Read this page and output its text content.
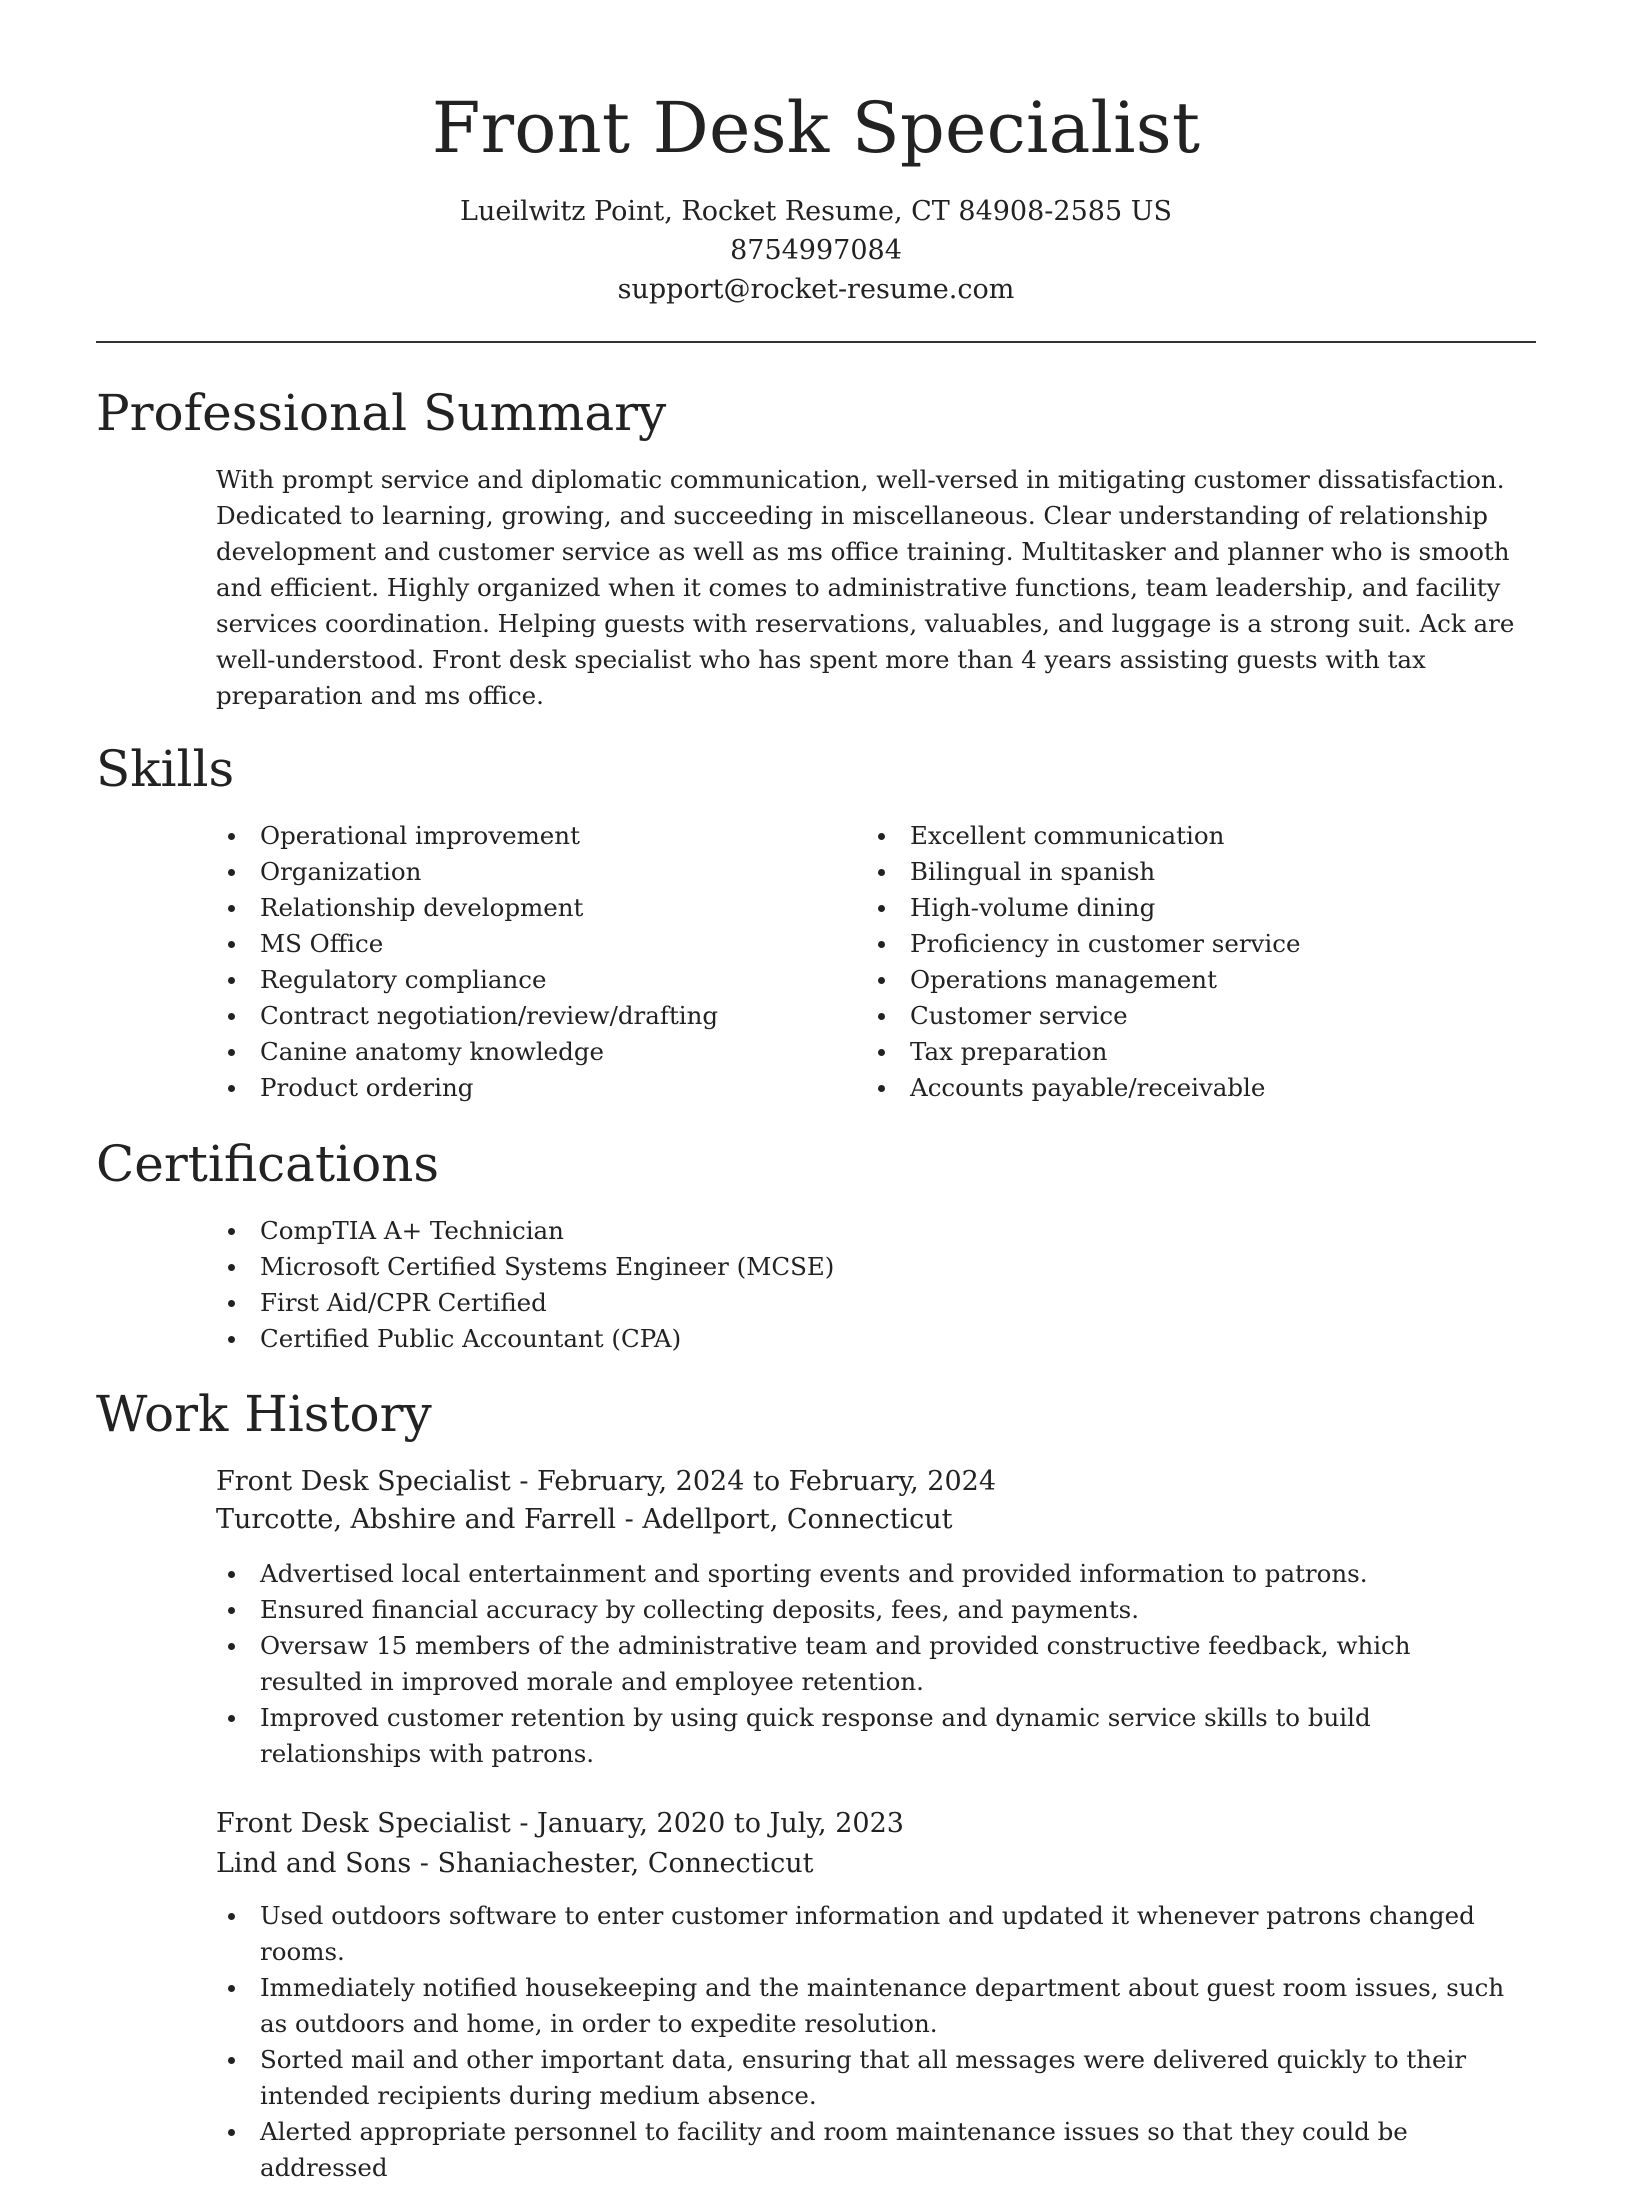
Front Desk Specialist
Lueilwitz Point, Rocket Resume, CT 84908-2585 US
8754997084
support@rocket-resume.com
Professional Summary

With prompt service and diplomatic communication, well-versed in mitigating customer dissatisfaction. Dedicated to learning, growing, and succeeding in miscellaneous. Clear understanding of relationship development and customer service as well as ms office training. Multitasker and planner who is smooth and efficient. Highly organized when it comes to administrative functions, team leadership, and facility services coordination. Helping guests with reservations, valuables, and luggage is a strong suit. Ack are well-understood. Front desk specialist who has spent more than 4 years assisting guests with tax preparation and ms office.

Skills
Operational improvement
Organization
Relationship development
MS Office
Regulatory compliance
Contract negotiation/review/drafting
Canine anatomy knowledge
Product ordering
Excellent communication
Bilingual in spanish
High-volume dining
Proficiency in customer service
Operations management
Customer service
Tax preparation
Accounts payable/receivable
Certifications
CompTIA A+ Technician
Microsoft Certified Systems Engineer (MCSE)
First Aid/CPR Certified
Certified Public Accountant (CPA)
Work History
Front Desk Specialist - February, 2024 to February, 2024
Turcotte, Abshire and Farrell - Adellport, Connecticut
Advertised local entertainment and sporting events and provided information to patrons.
Ensured financial accuracy by collecting deposits, fees, and payments.
Oversaw 15 members of the administrative team and provided constructive feedback, which resulted in improved morale and employee retention.
Improved customer retention by using quick response and dynamic service skills to build relationships with patrons.
Front Desk Specialist - January, 2020 to July, 2023
Lind and Sons - Shaniachester, Connecticut
Used outdoors software to enter customer information and updated it whenever patrons changed rooms.
Immediately notified housekeeping and the maintenance department about guest room issues, such as outdoors and home, in order to expedite resolution.
Sorted mail and other important data, ensuring that all messages were delivered quickly to their intended recipients during medium absence.
Alerted appropriate personnel to facility and room maintenance issues so that they could be addressed
